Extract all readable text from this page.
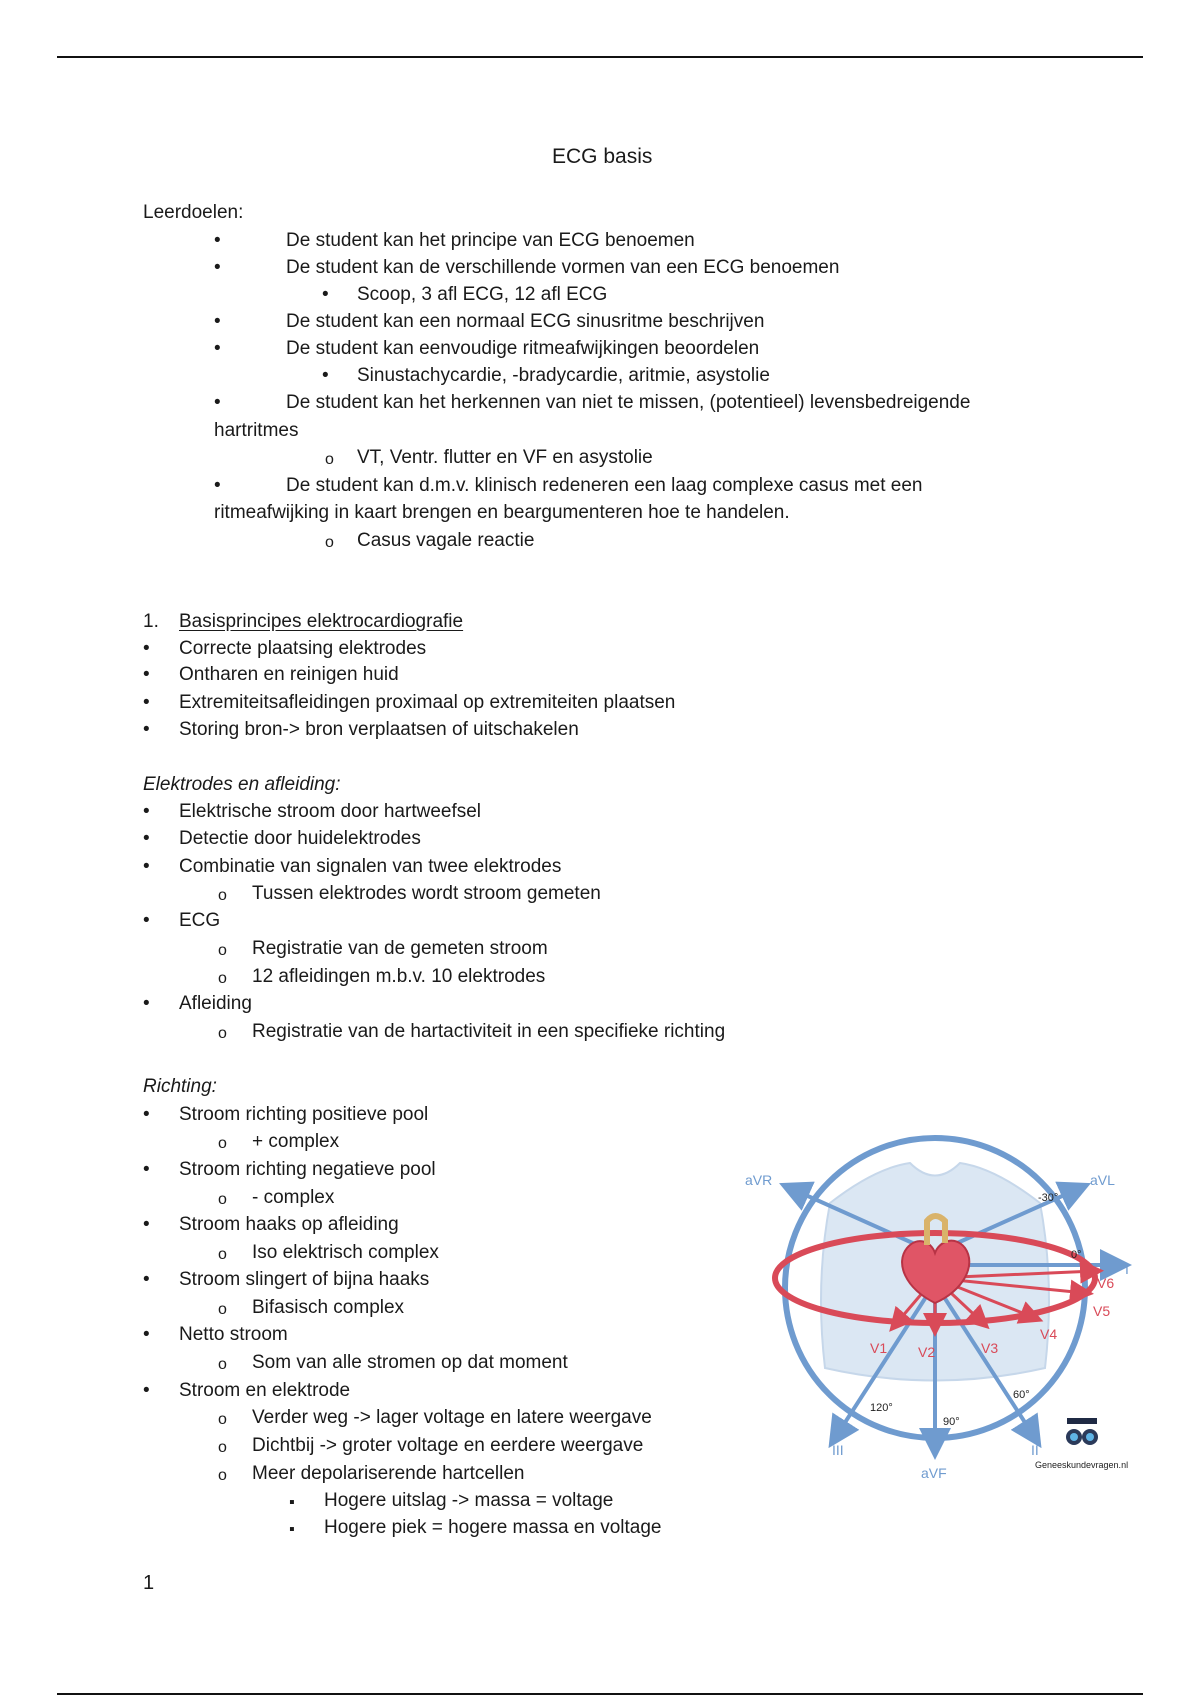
ECG basis
Leerdoelen:
•
De student kan het principe van ECG benoemen
•
De student kan de verschillende vormen van een ECG benoemen
•
Scoop, 3 afl ECG, 12 afl ECG
•
De student kan een normaal ECG sinusritme beschrijven
•
De student kan eenvoudige ritmeafwijkingen beoordelen
•
Sinustachycardie, -bradycardie, aritmie, asystolie
•
De student kan het herkennen van niet te missen, (potentieel) levensbedreigende
hartritmes
o
VT, Ventr. flutter en VF en asystolie
•
De student kan d.m.v. klinisch redeneren een laag complexe casus met een
ritmeafwijking in kaart brengen en beargumenteren hoe te handelen.
o
Casus vagale reactie
1. Basisprincipes elektrocardiografie
•
Correcte plaatsing elektrodes
•
Ontharen en reinigen huid
•
Extremiteitsafleidingen proximaal op extremiteiten plaatsen
•
Storing bron-> bron verplaatsen of uitschakelen
Elektrodes en afleiding:
•
Elektrische stroom door hartweefsel
•
Detectie door huidelektrodes
•
Combinatie van signalen van twee elektrodes
o
Tussen elektrodes wordt stroom gemeten
•
ECG
o
Registratie van de gemeten stroom
o
12 afleidingen m.b.v. 10 elektrodes
•
Afleiding
o
Registratie van de hartactiviteit in een specifieke richting
Richting:
•
Stroom richting positieve pool
o
+ complex
•
Stroom richting negatieve pool
o
- complex
•
Stroom haaks op afleiding
o
Iso elektrisch complex
•
Stroom slingert of bijna haaks
o
Bifasisch complex
•
Netto stroom
o
Som van alle stromen op dat moment
•
Stroom en elektrode
o
Verder weg -> lager voltage en latere weergave
o
Dichtbij -> groter voltage en eerdere weergave
o
Meer depolariserende hartcellen
▪
Hogere uitslag -> massa = voltage
▪
Hogere piek = hogere massa en voltage
aVR	aVL
-30°
0°
I
V6
V5
V4
V3
V2
V1
120°
90°
60°
III
aVF
II
Geneeskundevragen.nl
1
